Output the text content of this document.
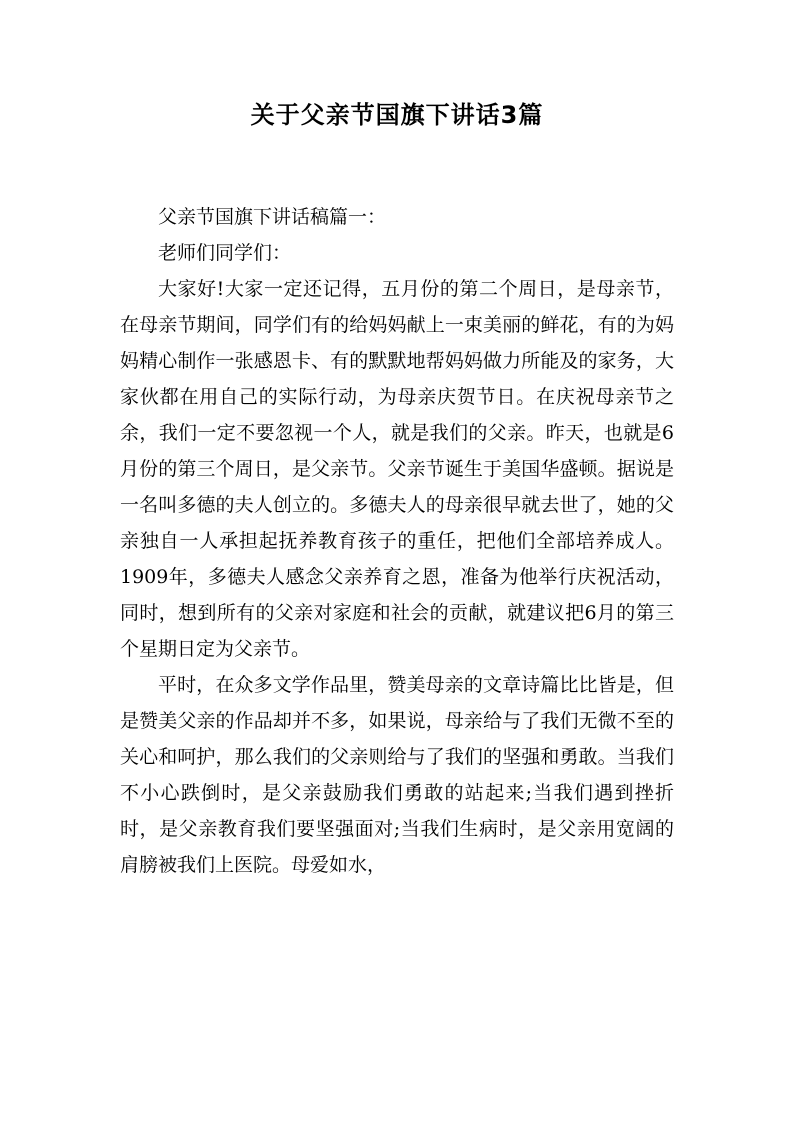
关于父亲节国旗下讲话3篇

父亲节国旗下讲话稿篇一：

老师们同学们：

大家好!大家一定还记得，五月份的第二个周日，是母亲节，在母亲节期间，同学们有的给妈妈献上一束美丽的鲜花，有的为妈妈精心制作一张感恩卡、有的默默地帮妈妈做力所能及的家务，大家伙都在用自己的实际行动，为母亲庆贺节日。在庆祝母亲节之余，我们一定不要忽视一个人，就是我们的父亲。昨天，也就是6月份的第三个周日，是父亲节。父亲节诞生于美国华盛顿。据说是一名叫多德的夫人创立的。多德夫人的母亲很早就去世了，她的父亲独自一人承担起抚养教育孩子的重任，把他们全部培养成人。1909年，多德夫人感念父亲养育之恩，准备为他举行庆祝活动，同时，想到所有的父亲对家庭和社会的贡献，就建议把6月的第三个星期日定为父亲节。

平时，在众多文学作品里，赞美母亲的文章诗篇比比皆是，但是赞美父亲的作品却并不多，如果说，母亲给与了我们无微不至的关心和呵护，那么我们的父亲则给与了我们的坚强和勇敢。当我们不小心跌倒时，是父亲鼓励我们勇敢的站起来;当我们遇到挫折时，是父亲教育我们要坚强面对;当我们生病时，是父亲用宽阔的肩膀被我们上医院。母爱如水，
